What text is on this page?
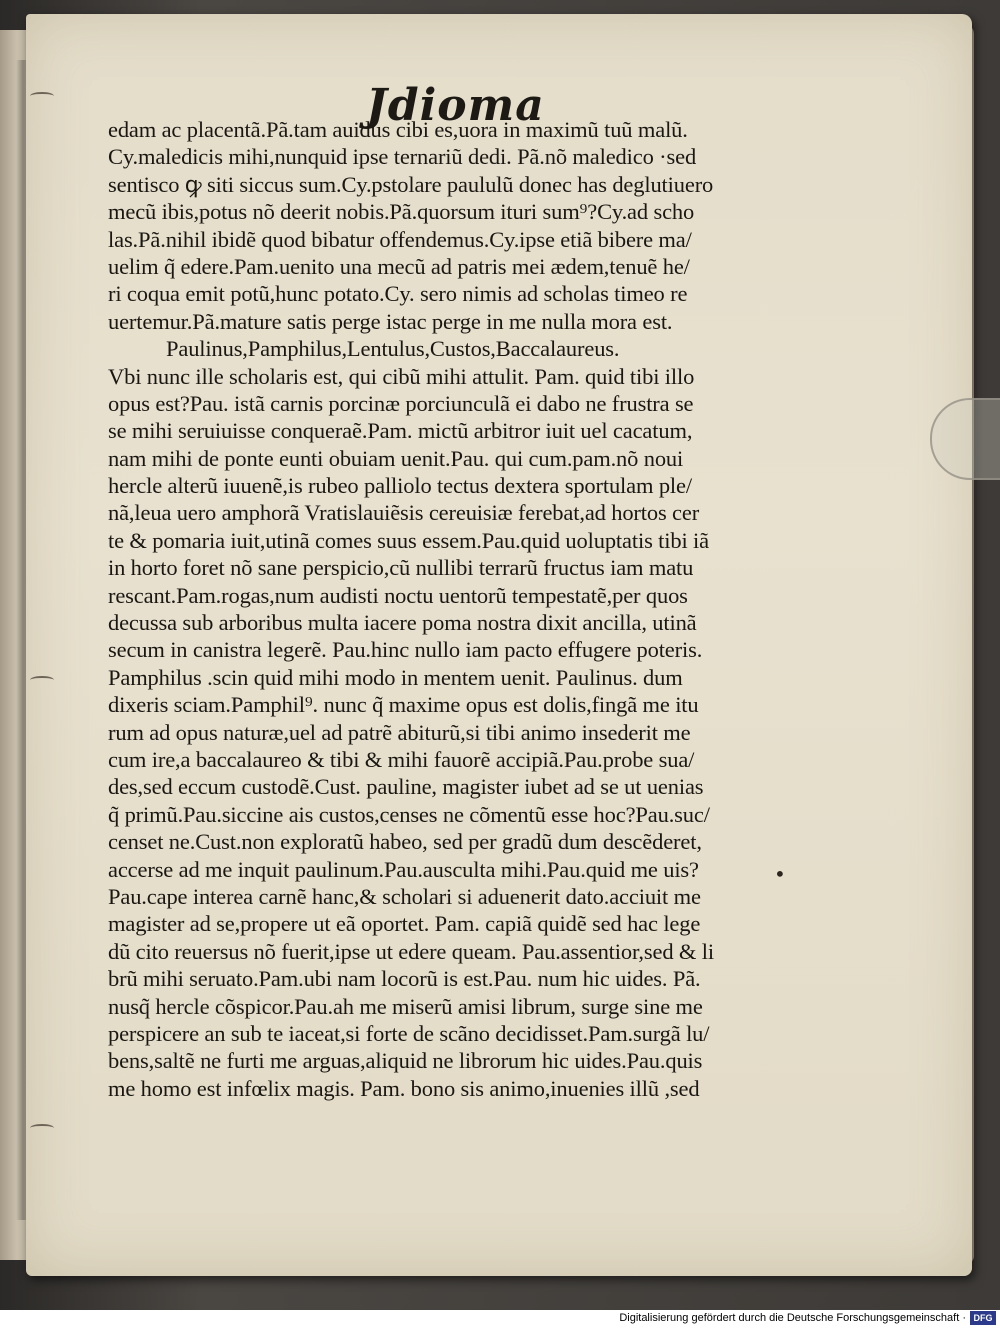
Jdioma
edam ac placentã.Pã.tam auidus cibi es,uora in maximũ tuũ malũ.
Cy.maledicis mihi,nunquid ipse ternariũ dedi. Pã.nõ maledico ·sed
sentisco ꝙ siti siccus sum.Cy.pstolare paululũ donec has deglutiuero
mecũ ibis,potus nõ deerit nobis.Pã.quorsum ituri sum⁹?Cy.ad scho
las.Pã.nihil ibidẽ quod bibatur offendemus.Cy.ipse etiã bibere ma/
uelim q̃ edere.Pam.uenito una mecũ ad patris mei ædem,tenuẽ he/
ri coqua emit potũ,hunc potato.Cy. sero nimis ad scholas timeo re
uertemur.Pã.mature satis perge istac perge in me nulla mora est.
Paulinus,Pamphilus,Lentulus,Custos,Baccalaureus.
Vbi nunc ille scholaris est, qui cibũ mihi attulit. Pam. quid tibi illo
opus est?Pau. istã carnis porcinæ porciunculã ei dabo ne frustra se
se mihi seruiuisse conqueraẽ.Pam. mictũ arbitror iuit uel cacatum,
nam mihi de ponte eunti obuiam uenit.Pau. qui cum.pam.nõ noui
hercle alterũ iuuenẽ,is rubeo palliolo tectus dextera sportulam ple/
nã,leua uero amphorã Vratislauiẽsis cereuisiæ ferebat,ad hortos cer
te & pomaria iuit,utinã comes suus essem.Pau.quid uoluptatis tibi iã
in horto foret nõ sane perspicio,cũ nullibi terrarũ fructus iam matu
rescant.Pam.rogas,num audisti noctu uentorũ tempestatẽ,per quos
decussa sub arboribus multa iacere poma nostra dixit ancilla, utinã
secum in canistra legerẽ. Pau.hinc nullo iam pacto effugere poteris.
Pamphilus .scin quid mihi modo in mentem uenit. Paulinus. dum
dixeris sciam.Pamphil⁹. nunc q̃ maxime opus est dolis,fingã me itu
rum ad opus naturæ,uel ad patrẽ abiturũ,si tibi animo insederit me
cum ire,a baccalaureo & tibi & mihi fauorẽ accipiã.Pau.probe sua/
des,sed eccum custodẽ.Cust. pauline, magister iubet ad se ut uenias
q̃ primũ.Pau.siccine ais custos,censes ne cõmentũ esse hoc?Pau.suc/
censet ne.Cust.non exploratũ habeo, sed per gradũ dum descẽderet,
accerse ad me inquit paulinum.Pau.ausculta mihi.Pau.quid me uis?
Pau.cape interea carnẽ hanc,& scholari si aduenerit dato.acciuit me
magister ad se,propere ut eã oportet. Pam. capiã quidẽ sed hac lege
dũ cito reuersus nõ fuerit,ipse ut edere queam. Pau.assentior,sed & li
brũ mihi seruato.Pam.ubi nam locorũ is est.Pau. num hic uides. Pã.
nusq̃ hercle cõspicor.Pau.ah me miserũ amisi librum, surge sine me
perspicere an sub te iaceat,si forte de scãno decidisset.Pam.surgã lu/
bens,saltẽ ne furti me arguas,aliquid ne librorum hic uides.Pau.quis
me homo est infœlix magis. Pam. bono sis animo,inuenies illũ ,sed
•
Digitalisierung gefördert durch die Deutsche Forschungsgemeinschaft · DFG
